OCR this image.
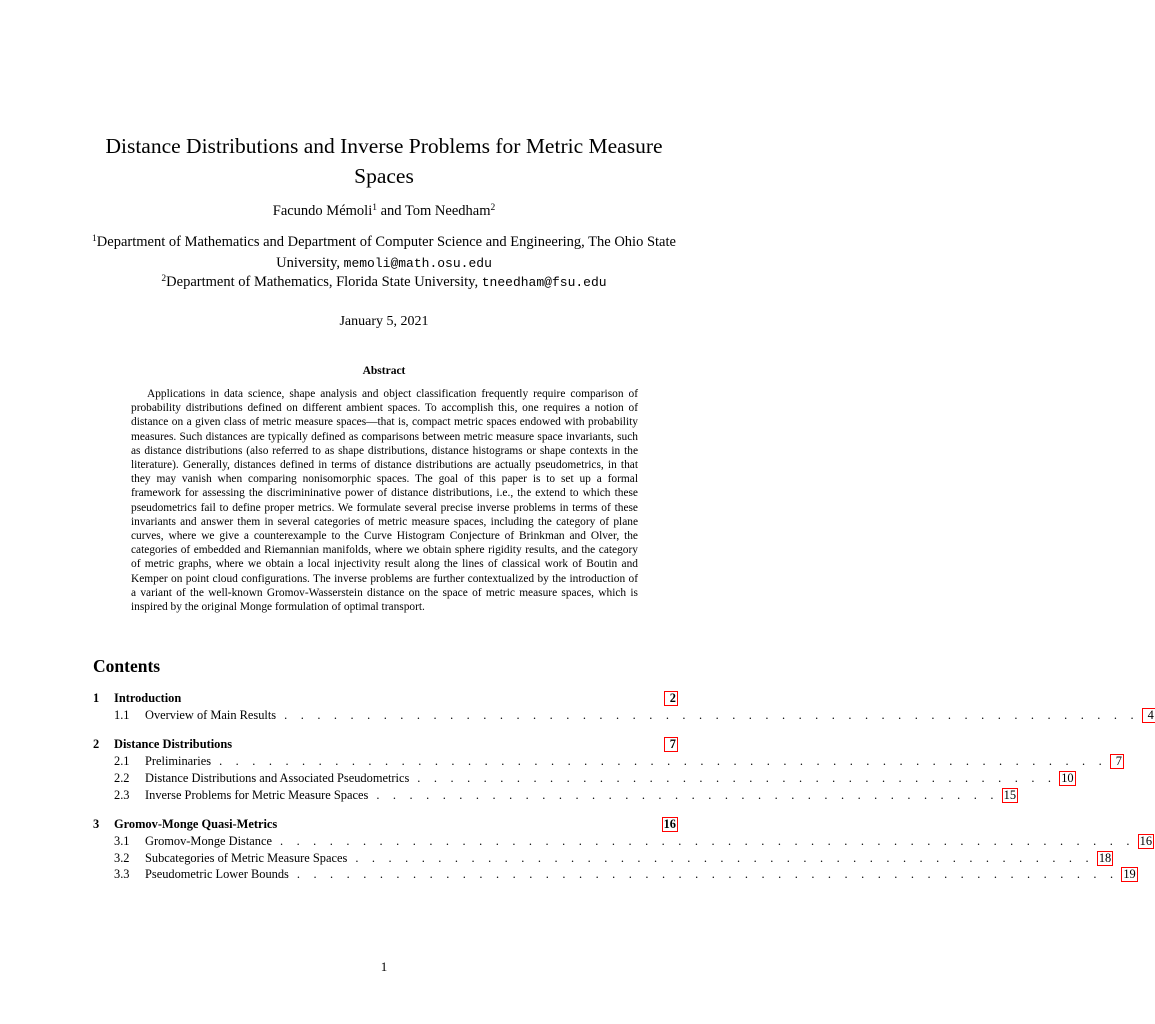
Distance Distributions and Inverse Problems for Metric Measure Spaces
Facundo Mémoli$^1$ and Tom Needham$^2$
$^1$Department of Mathematics and Department of Computer Science and Engineering, The Ohio State University, memoli@math.osu.edu
$^2$Department of Mathematics, Florida State University, tneedham@fsu.edu
January 5, 2021
Abstract
Applications in data science, shape analysis and object classification frequently require comparison of probability distributions defined on different ambient spaces. To accomplish this, one requires a notion of distance on a given class of metric measure spaces—that is, compact metric spaces endowed with probability measures. Such distances are typically defined as comparisons between metric measure space invariants, such as distance distributions (also referred to as shape distributions, distance histograms or shape contexts in the literature). Generally, distances defined in terms of distance distributions are actually pseudometrics, in that they may vanish when comparing nonisomorphic spaces. The goal of this paper is to set up a formal framework for assessing the discrimininative power of distance distributions, i.e., the extend to which these pseudometrics fail to define proper metrics. We formulate several precise inverse problems in terms of these invariants and answer them in several categories of metric measure spaces, including the category of plane curves, where we give a counterexample to the Curve Histogram Conjecture of Brinkman and Olver, the categories of embedded and Riemannian manifolds, where we obtain sphere rigidity results, and the category of metric graphs, where we obtain a local injectivity result along the lines of classical work of Boutin and Kemper on point cloud configurations. The inverse problems are further contextualized by the introduction of a variant of the well-known Gromov-Wasserstein distance on the space of metric measure spaces, which is inspired by the original Monge formulation of optimal transport.
Contents
1	Introduction	2
1.1	Overview of Main Results . . . . . . . . . . . . . . . . . . . . . . . . . . . . . . . . . . . . . . . . . . . . . . . . . . . . 4
2	Distance Distributions	7
2.1	Preliminaries . . . . . . . . . . . . . . . . . . . . . . . . . . . . . . . . . . . . . . . . . . . . . . . . . . . . . . 7
2.2	Distance Distributions and Associated Pseudometrics . . . . . . . . . . . . . . . . . . . . . . . . . . . . . . . . . . . . . . . 10
2.3	Inverse Problems for Metric Measure Spaces . . . . . . . . . . . . . . . . . . . . . . . . . . . . . . . . . . . . . . 15
3	Gromov-Monge Quasi-Metrics	16
3.1	Gromov-Monge Distance . . . . . . . . . . . . . . . . . . . . . . . . . . . . . . . . . . . . . . . . . . . . . . . . . . . . 16
3.2	Subcategories of Metric Measure Spaces . . . . . . . . . . . . . . . . . . . . . . . . . . . . . . . . . . . . . . . . . . . . . 18
3.3	Pseudometric Lower Bounds . . . . . . . . . . . . . . . . . . . . . . . . . . . . . . . . . . . . . . . . . . . . . . . . . . 19
1
